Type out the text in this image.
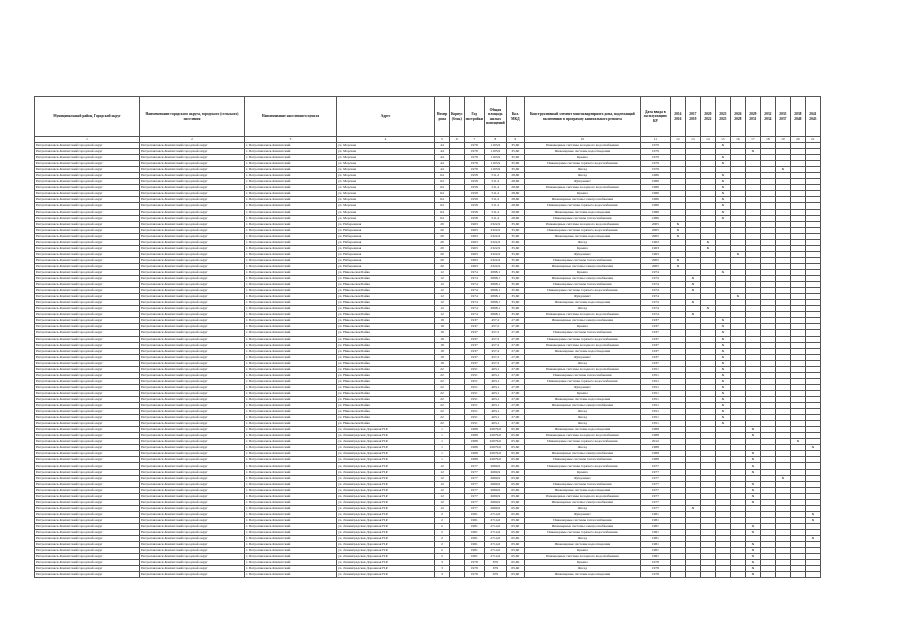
Муниципальный район, Городской округ	Наименование городского округа, городского (сельского) поселения	Наименование населенного пункта	Адрес	Номер дома	Корпус (блок)	Год постройки	Общая площадь жилых помещений	Кол. МКД	Конструктивный элемент многоквартирного дома, подлежащий включению в программу капитального ремонта	Дата ввода в эксплуатацию КР	2014 2016	2017 2019	2020 2022	2023 2025	2026 2028	2029 2031	2032 2034	2035 2037	2038 2040	2041 2043
1	2	3	4	5	6	7	8	9	10	11	12	13	14	15	16	17	18	19	20	21
Петропавловск-Камчатский городской округ	Петропавловск-Камчатский городской округ	г. Петропавловск-Камчатский	ул. Морская	44		1978	1103,9	35,60	Инженерные системы холодного водоснабжения	1979				Х						
Петропавловск-Камчатский городской округ	Петропавловск-Камчатский городской округ	г. Петропавловск-Камчатский	ул. Морская	44		1978	1103,9	35,60	Инженерные системы водоотведения	1979						Х				
Петропавловск-Камчатский городской округ	Петропавловск-Камчатский городской округ	г. Петропавловск-Камчатский	ул. Морская	44		1978	1103,9	35,60	Крыша	1979				Х						
Петропавловск-Камчатский городской округ	Петропавловск-Камчатский городской округ	г. Петропавловск-Камчатский	ул. Морская	44		1978	1103,9	35,60	Инженерные системы горячего водоснабжения	1979				Х						
Петропавловск-Камчатский городской округ	Петропавловск-Камчатский городской округ	г. Петропавловск-Камчатский	ул. Морская	44		1978	1103,9	35,60	Фасад	1979								Х		
Петропавловск-Камчатский городской округ	Петропавловск-Камчатский городской округ	г. Петропавловск-Камчатский	ул. Морская	64		1958	511,2	28,60	Фасад	1986				Х						
Петропавловск-Камчатский городской округ	Петропавловск-Камчатский городской округ	г. Петропавловск-Камчатский	ул. Морская	64		1958	511,2	28,60	Фундамент	1986				Х						
Петропавловск-Камчатский городской округ	Петропавловск-Камчатский городской округ	г. Петропавловск-Камчатский	ул. Морская	64		1958	511,2	28,60	Инженерные системы холодного водоснабжения	1986				Х						
Петропавловск-Камчатский городской округ	Петропавловск-Камчатский городской округ	г. Петропавловск-Камчатский	ул. Морская	64		1958	511,2	28,60	Крыша	1986				Х						
Петропавловск-Камчатский городской округ	Петропавловск-Камчатский городской округ	г. Петропавловск-Камчатский	ул. Морская	64		1958	511,2	28,60	Инженерные системы электроснабжения	1986				Х						
Петропавловск-Камчатский городской округ	Петропавловск-Камчатский городской округ	г. Петропавловск-Камчатский	ул. Морская	64		1958	511,2	28,60	Инженерные системы горячего водоснабжения	1986				Х						
Петропавловск-Камчатский городской округ	Петропавловск-Камчатский городской округ	г. Петропавловск-Камчатский	ул. Морская	64		1958	511,2	28,60	Инженерные системы водоотведения	1986				Х						
Петропавловск-Камчатский городской округ	Петропавловск-Камчатский городской округ	г. Петропавловск-Камчатский	ул. Морская	64		1958	511,2	28,60	Инженерные системы теплоснабжения	1986				Х						
Петропавловск-Камчатский городской округ	Петропавловск-Камчатский городской округ	г. Петропавловск-Камчатский	ул. Набережная	20		1963	2322,9	35,60	Инженерные системы холодного водоснабжения	2005	Х									
Петропавловск-Камчатский городской округ	Петропавловск-Камчатский городской округ	г. Петропавловск-Камчатский	ул. Набережная	20		1963	2322,9	35,60	Инженерные системы горячего водоснабжения	2005	Х									
Петропавловск-Камчатский городской округ	Петропавловск-Камчатский городской округ	г. Петропавловск-Камчатский	ул. Набережная	20		1963	2322,9	35,60	Инженерные системы водоотведения	2005	Х									
Петропавловск-Камчатский городской округ	Петропавловск-Камчатский городской округ	г. Петропавловск-Камчатский	ул. Набережная	20		1963	2322,9	35,60	Фасад	1963			Х							
Петропавловск-Камчатский городской округ	Петропавловск-Камчатский городской округ	г. Петропавловск-Камчатский	ул. Набережная	20		1963	2322,9	35,60	Крыша	1963			Х							
Петропавловск-Камчатский городской округ	Петропавловск-Камчатский городской округ	г. Петропавловск-Камчатский	ул. Набережная	20		1963	2322,9	35,60	Фундамент	1963					Х					
Петропавловск-Камчатский городской округ	Петропавловск-Камчатский городской округ	г. Петропавловск-Камчатский	ул. Набережная	20		1963	2322,9	35,60	Инженерные системы теплоснабжения	2005	Х									
Петропавловск-Камчатский городской округ	Петропавловск-Камчатский городской округ	г. Петропавловск-Камчатский	ул. Набережная	20		1963	2322,9	35,60	Инженерные системы электроснабжения	2005	Х									
Петропавловск-Камчатский городской округ	Петропавловск-Камчатский городской округ	г. Петропавловск-Камчатский	ул. Никольская Байка	12		1974	2898,1	35,60	Крыша	1974				Х						
Петропавловск-Камчатский городской округ	Петропавловск-Камчатский городской округ	г. Петропавловск-Камчатский	ул. Никольская Байка	12		1974	2898,1	35,60	Инженерные системы электроснабжения	1974		Х								
Петропавловск-Камчатский городской округ	Петропавловск-Камчатский городской округ	г. Петропавловск-Камчатский	ул. Никольская Байка	12		1974	2898,1	35,60	Инженерные системы теплоснабжения	1974		Х								
Петропавловск-Камчатский городской округ	Петропавловск-Камчатский городской округ	г. Петропавловск-Камчатский	ул. Никольская Байка	12		1974	2898,1	35,60	Инженерные системы горячего водоснабжения	1974		Х								
Петропавловск-Камчатский городской округ	Петропавловск-Камчатский городской округ	г. Петропавловск-Камчатский	ул. Никольская Байка	12		1974	2898,1	35,60	Фундамент	1974					Х					
Петропавловск-Камчатский городской округ	Петропавловск-Камчатский городской округ	г. Петропавловск-Камчатский	ул. Никольская Байка	12		1974	2898,1	35,60	Инженерные системы водоотведения	1974		Х								
Петропавловск-Камчатский городской округ	Петропавловск-Камчатский городской округ	г. Петропавловск-Камчатский	ул. Никольская Байка	12		1974	2898,1	35,60	Фасад	1974			Х							
Петропавловск-Камчатский городской округ	Петропавловск-Камчатский городской округ	г. Петропавловск-Камчатский	ул. Никольская Байка	12		1974	2898,1	35,60	Инженерные системы холодного водоснабжения	1974		Х								
Петропавловск-Камчатский городской округ	Петропавловск-Камчатский городской округ	г. Петропавловск-Камчатский	ул. Никольская Байка	18		1937	457,2	27,00	Инженерные системы электроснабжения	1937				Х						
Петропавловск-Камчатский городской округ	Петропавловск-Камчатский городской округ	г. Петропавловск-Камчатский	ул. Никольская Байка	18		1937	457,2	27,00	Крыша	1937				Х						
Петропавловск-Камчатский городской округ	Петропавловск-Камчатский городской округ	г. Петропавловск-Камчатский	ул. Никольская Байка	18		1937	457,2	27,00	Инженерные системы теплоснабжения	1937				Х						
Петропавловск-Камчатский городской округ	Петропавловск-Камчатский городской округ	г. Петропавловск-Камчатский	ул. Никольская Байка	18		1937	457,2	27,00	Инженерные системы горячего водоснабжения	1937				Х						
Петропавловск-Камчатский городской округ	Петропавловск-Камчатский городской округ	г. Петропавловск-Камчатский	ул. Никольская Байка	18		1937	457,2	27,00	Инженерные системы холодного водоснабжения	1937				Х						
Петропавловск-Камчатский городской округ	Петропавловск-Камчатский городской округ	г. Петропавловск-Камчатский	ул. Никольская Байка	18		1937	457,2	27,00	Инженерные системы водоотведения	1937				Х						
Петропавловск-Камчатский городской округ	Петропавловск-Камчатский городской округ	г. Петропавловск-Камчатский	ул. Никольская Байка	18		1937	457,2	27,00	Фундамент	1937				Х						
Петропавловск-Камчатский городской округ	Петропавловск-Камчатский городской округ	г. Петропавловск-Камчатский	ул. Никольская Байка	18		1937	457,2	27,00	Фасад	1937				Х						
Петропавловск-Камчатский городской округ	Петропавловск-Камчатский городской округ	г. Петропавловск-Камчатский	ул. Никольская Байка	22		1951	403,1	27,00	Инженерные системы холодного водоснабжения	1951				Х						
Петропавловск-Камчатский городской округ	Петропавловск-Камчатский городской округ	г. Петропавловск-Камчатский	ул. Никольская Байка	22		1951	403,1	27,00	Инженерные системы теплоснабжения	1951				Х						
Петропавловск-Камчатский городской округ	Петропавловск-Камчатский городской округ	г. Петропавловск-Камчатский	ул. Никольская Байка	22		1951	403,1	27,00	Инженерные системы горячего водоснабжения	1951				Х						
Петропавловск-Камчатский городской округ	Петропавловск-Камчатский городской округ	г. Петропавловск-Камчатский	ул. Никольская Байка	22		1951	403,1	27,00	Фундамент	1951				Х						
Петропавловск-Камчатский городской округ	Петропавловск-Камчатский городской округ	г. Петропавловск-Камчатский	ул. Никольская Байка	22		1951	403,1	27,00	Крыша	1951				Х						
Петропавловск-Камчатский городской округ	Петропавловск-Камчатский городской округ	г. Петропавловск-Камчатский	ул. Никольская Байка	22		1951	403,1	27,00	Инженерные системы водоотведения	1951				Х						
Петропавловск-Камчатский городской округ	Петропавловск-Камчатский городской округ	г. Петропавловск-Камчатский	ул. Никольская Байка	22		1951	403,1	27,00	Инженерные системы электроснабжения	1951				Х						
Петропавловск-Камчатский городской округ	Петропавловск-Камчатский городской округ	г. Петропавловск-Камчатский	ул. Никольская Байка	22		1951	403,1	27,00	Фасад	1951				Х						
Петропавловск-Камчатский городской округ	Петропавловск-Камчатский городской округ	г. Петропавловск-Камчатский	ул. Никольская Байка	22		1951	403,1	27,00	Фасад	1951				Х						
Петропавловск-Камчатский городской округ	Петропавловск-Камчатский городской округ	г. Петропавловск-Камчатский	ул. Никольская Байка	22		1951	403,1	27,00	Фасад	1951				Х						
Петропавловск-Камчатский городской округ	Петропавловск-Камчатский городской округ	г. Петропавловск-Камчатский	ул. Ленинградская Дорожная Н.Р.	1		1988	22679,6	65,60	Инженерные системы водоотведения	1988						Х				
Петропавловск-Камчатский городской округ	Петропавловск-Камчатский городской округ	г. Петропавловск-Камчатский	ул. Ленинградская Дорожная Н.Р.	1		1988	22679,6	65,60	Инженерные системы холодного водоснабжения	1988						Х				
Петропавловск-Камчатский городской округ	Петропавловск-Камчатский городской округ	г. Петропавловск-Камчатский	ул. Ленинградская Дорожная Н.Р.	1		1988	22679,6	65,60	Инженерные системы горячего водоснабжения	2012									Х	
Петропавловск-Камчатский городской округ	Петропавловск-Камчатский городской округ	г. Петропавловск-Камчатский	ул. Ленинградская Дорожная Н.Р.	1		1988	22679,6	65,60	Фасад	1988										Х
Петропавловск-Камчатский городской округ	Петропавловск-Камчатский городской округ	г. Петропавловск-Камчатский	ул. Ленинградская Дорожная Н.Р.	1		1988	22679,6	65,60	Инженерные системы электроснабжения	1988						Х				
Петропавловск-Камчатский городской округ	Петропавловск-Камчатский городской округ	г. Петропавловск-Камчатский	ул. Ленинградская Дорожная Н.Р.	1		1988	22679,6	65,60	Инженерные системы теплоснабжения	1988						Х				
Петропавловск-Камчатский городской округ	Петропавловск-Камчатский городской округ	г. Петропавловск-Камчатский	ул. Ленинградская Дорожная Н.Р.	12		1977	2669,9	65,60	Инженерные системы горячего водоснабжения	1977						Х				
Петропавловск-Камчатский городской округ	Петропавловск-Камчатский городской округ	г. Петропавловск-Камчатский	ул. Ленинградская Дорожная Н.Р.	12		1977	2669,9	65,60	Крыша	1977						Х				
Петропавловск-Камчатский городской округ	Петропавловск-Камчатский городской округ	г. Петропавловск-Камчатский	ул. Ленинградская Дорожная Н.Р.	12		1977	2669,9	65,60	Фундамент	1977								Х		
Петропавловск-Камчатский городской округ	Петропавловск-Камчатский городской округ	г. Петропавловск-Камчатский	ул. Ленинградская Дорожная Н.Р.	12		1977	2669,9	65,60	Инженерные системы теплоснабжения	1977						Х				
Петропавловск-Камчатский городской округ	Петропавловск-Камчатский городской округ	г. Петропавловск-Камчатский	ул. Ленинградская Дорожная Н.Р.	12		1977	2669,9	65,60	Инженерные системы водоотведения	1977						Х				
Петропавловск-Камчатский городской округ	Петропавловск-Камчатский городской округ	г. Петропавловск-Камчатский	ул. Ленинградская Дорожная Н.Р.	12		1977	2669,9	65,60	Инженерные системы холодного водоснабжения	1977						Х				
Петропавловск-Камчатский городской округ	Петропавловск-Камчатский городской округ	г. Петропавловск-Камчатский	ул. Ленинградская Дорожная Н.Р.	12		1977	2669,9	65,60	Инженерные системы электроснабжения	1977						Х				
Петропавловск-Камчатский городской округ	Петропавловск-Камчатский городской округ	г. Петропавловск-Камчатский	ул. Ленинградская Дорожная Н.Р.	12		1977	2669,9	65,60	Фасад	1977		Х								
Петропавловск-Камчатский городской округ	Петропавловск-Камчатский городской округ	г. Петропавловск-Камчатский	ул. Ленинградская Дорожная Н.Р.	2		1981	2714,6	65,60	Фундамент	1981										Х
Петропавловск-Камчатский городской округ	Петропавловск-Камчатский городской округ	г. Петропавловск-Камчатский	ул. Ленинградская Дорожная Н.Р.	2		1981	2714,6	65,60	Инженерные системы теплоснабжения	1981										Х
Петропавловск-Камчатский городской округ	Петропавловск-Камчатский городской округ	г. Петропавловск-Камчатский	ул. Ленинградская Дорожная Н.Р.	2		1981	2714,6	65,60	Инженерные системы электроснабжения	1981						Х				
Петропавловск-Камчатский городской округ	Петропавловск-Камчатский городской округ	г. Петропавловск-Камчатский	ул. Ленинградская Дорожная Н.Р.	2		1981	2714,6	65,60	Инженерные системы горячего водоснабжения	1981						Х				
Петропавловск-Камчатский городской округ	Петропавловск-Камчатский городской округ	г. Петропавловск-Камчатский	ул. Ленинградская Дорожная Н.Р.	2		1981	2714,6	65,60	Фасад	1981										Х
Петропавловск-Камчатский городской округ	Петропавловск-Камчатский городской округ	г. Петропавловск-Камчатский	ул. Ленинградская Дорожная Н.Р.	2		1981	2714,6	65,60	Инженерные системы водоотведения	1981						Х				
Петропавловск-Камчатский городской округ	Петропавловск-Камчатский городской округ	г. Петропавловск-Камчатский	ул. Ленинградская Дорожная Н.Р.	2		1981	2714,6	65,60	Крыша	1981						Х				
Петропавловск-Камчатский городской округ	Петропавловск-Камчатский городской округ	г. Петропавловск-Камчатский	ул. Ленинградская Дорожная Н.Р.	2		1981	2714,6	65,60	Инженерные системы холодного водоснабжения	1981						Х				
Петропавловск-Камчатский городской округ	Петропавловск-Камчатский городской округ	г. Петропавловск-Камчатский	ул. Ленинградская Дорожная Н.Р.	3		1978	679	65,60	Крыша	1978						Х				
Петропавловск-Камчатский городской округ	Петропавловск-Камчатский городской округ	г. Петропавловск-Камчатский	ул. Ленинградская Дорожная Н.Р.	3		1978	679	65,60	Фасад	1978						Х				
Петропавловск-Камчатский городской округ	Петропавловск-Камчатский городской округ	г. Петропавловск-Камчатский	ул. Ленинградская Дорожная Н.Р.	3		1978	679	65,60	Инженерные системы водоотведения	1978						Х				
